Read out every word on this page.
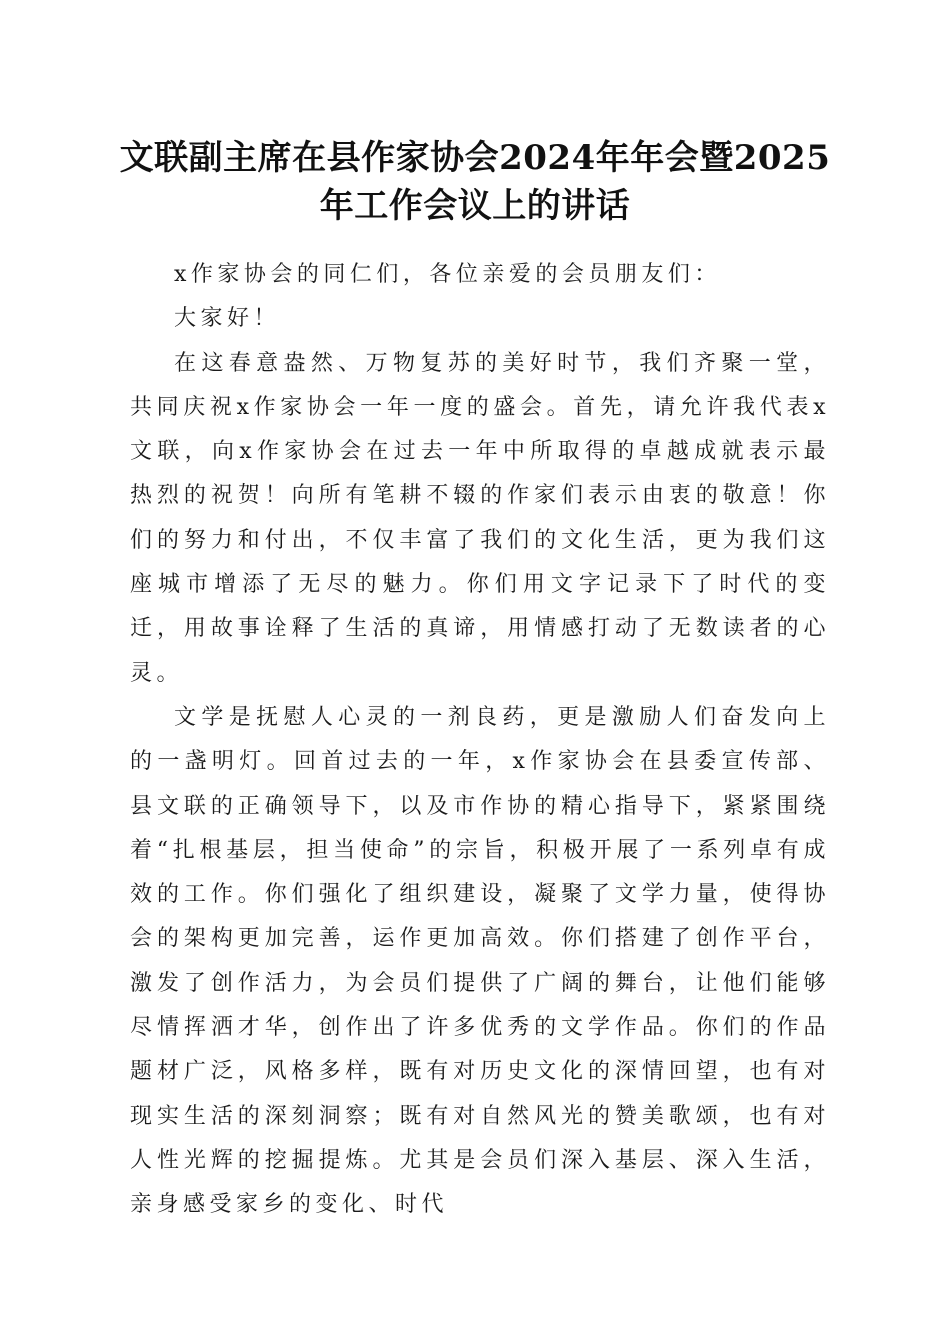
文联副主席在县作家协会2024年年会暨2025
年工作会议上的讲话

x作家协会的同仁们，各位亲爱的会员朋友们：

大家好！

在这春意盎然、万物复苏的美好时节，我们齐聚一堂，共同庆祝x作家协会一年一度的盛会。首先，请允许我代表x文联，向x作家协会在过去一年中所取得的卓越成就表示最热烈的祝贺！向所有笔耕不辍的作家们表示由衷的敬意！你们的努力和付出，不仅丰富了我们的文化生活，更为我们这座城市增添了无尽的魅力。你们用文字记录下了时代的变迁，用故事诠释了生活的真谛，用情感打动了无数读者的心灵。

文学是抚慰人心灵的一剂良药，更是激励人们奋发向上的一盏明灯。回首过去的一年，x作家协会在县委宣传部、县文联的正确领导下，以及市作协的精心指导下，紧紧围绕着“扎根基层，担当使命”的宗旨，积极开展了一系列卓有成效的工作。你们强化了组织建设，凝聚了文学力量，使得协会的架构更加完善，运作更加高效。你们搭建了创作平台，激发了创作活力，为会员们提供了广阔的舞台，让他们能够尽情挥洒才华，创作出了许多优秀的文学作品。你们的作品题材广泛，风格多样，既有对历史文化的深情回望，也有对现实生活的深刻洞察；既有对自然风光的赞美歌颂，也有对人性光辉的挖掘提炼。尤其是会员们深入基层、深入生活，亲身感受家乡的变化、时代
